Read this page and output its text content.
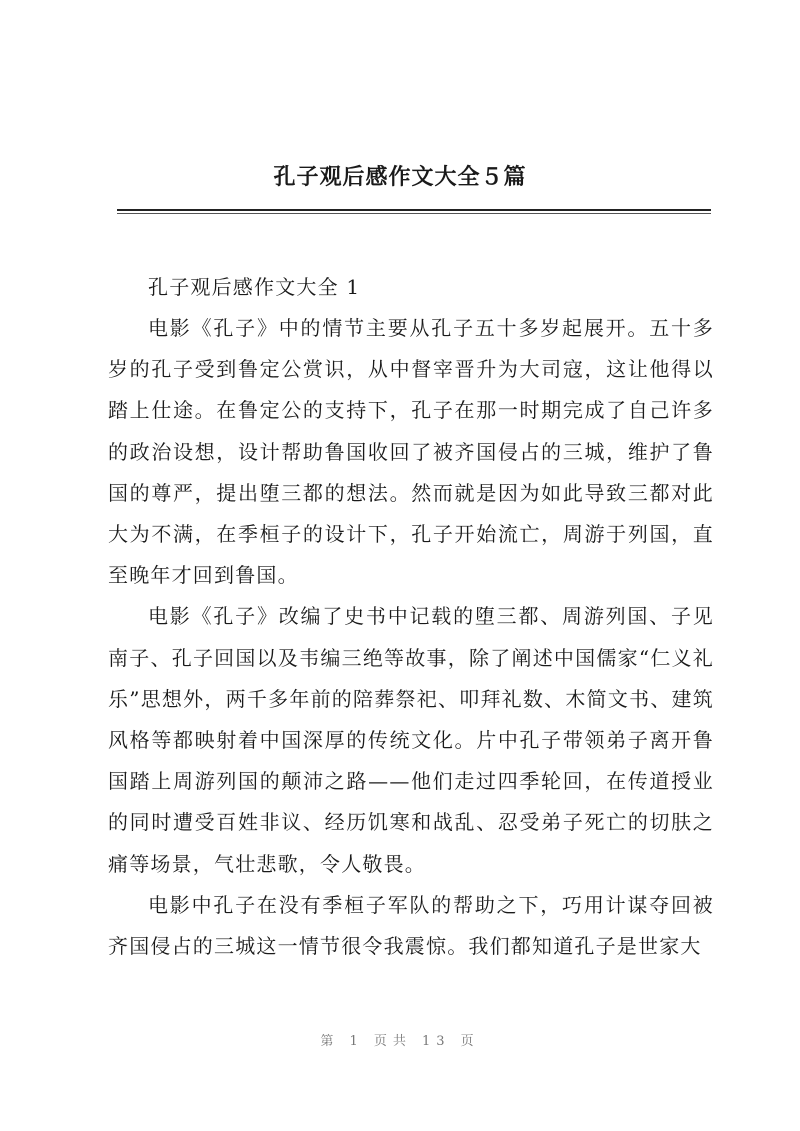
孔子观后感作文大全５篇

孔子观后感作文大全 1

电影《孔子》中的情节主要从孔子五十多岁起展开。五十多岁的孔子受到鲁定公赏识，从中督宰晋升为大司寇，这让他得以踏上仕途。在鲁定公的支持下，孔子在那一时期完成了自己许多的政治设想，设计帮助鲁国收回了被齐国侵占的三城，维护了鲁国的尊严，提出堕三都的想法。然而就是因为如此导致三都对此大为不满，在季桓子的设计下，孔子开始流亡，周游于列国，直至晚年才回到鲁国。

电影《孔子》改编了史书中记载的堕三都、周游列国、子见南子、孔子回国以及韦编三绝等故事，除了阐述中国儒家“仁义礼乐”思想外，两千多年前的陪葬祭祀、叩拜礼数、木简文书、建筑风格等都映射着中国深厚的传统文化。片中孔子带领弟子离开鲁国踏上周游列国的颠沛之路——他们走过四季轮回，在传道授业的同时遭受百姓非议、经历饥寒和战乱、忍受弟子死亡的切肤之痛等场景，气壮悲歌，令人敬畏。

电影中孔子在没有季桓子军队的帮助之下，巧用计谋夺回被齐国侵占的三城这一情节很令我震惊。我们都知道孔子是世家大

第 1 页共 13 页
